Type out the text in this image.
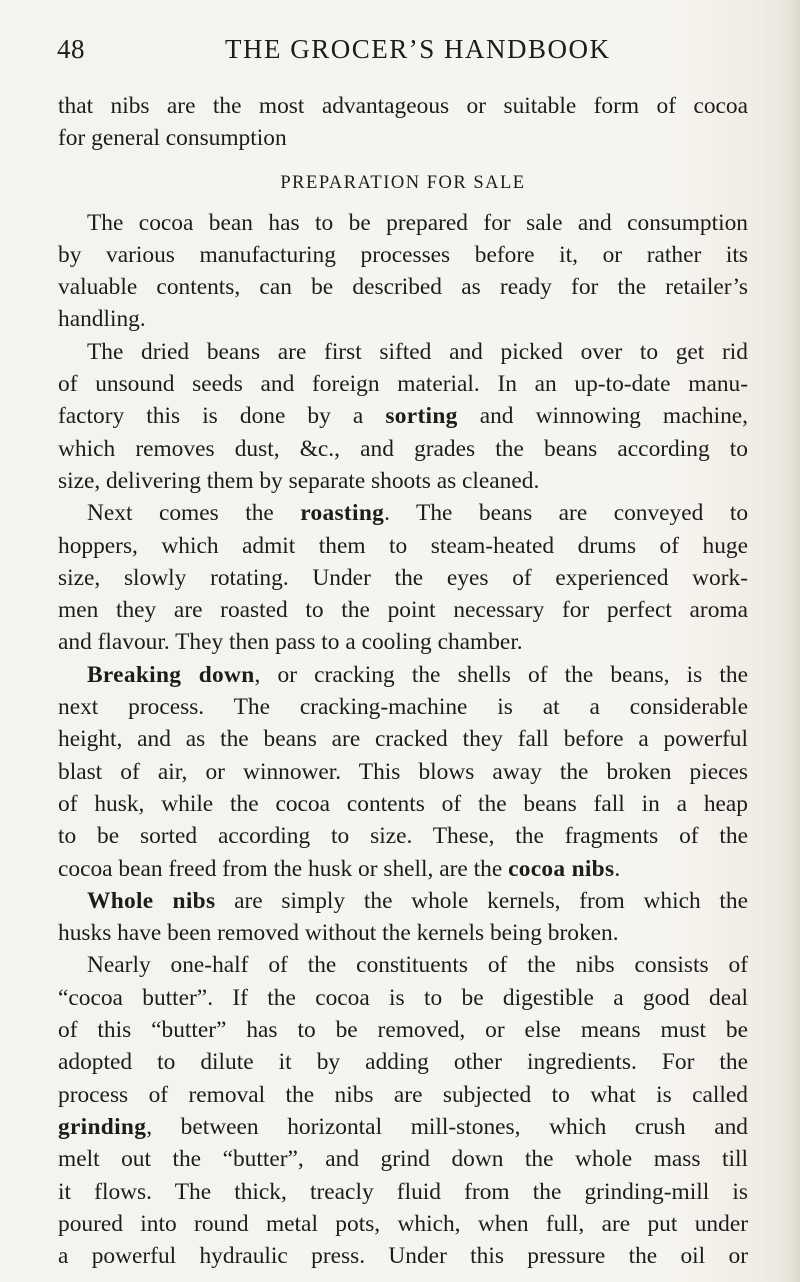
48	THE GROCER’S HANDBOOK
that nibs are the most advantageous or suitable form of cocoa
for general consumption
PREPARATION FOR SALE
The cocoa bean has to be prepared for sale and consumption
by various manufacturing processes before it, or rather its
valuable contents, can be described as ready for the retailer’s
handling.
The dried beans are first sifted and picked over to get rid
of unsound seeds and foreign material. In an up-to-date manu-
factory this is done by a sorting and winnowing machine,
which removes dust, &c., and grades the beans according to
size, delivering them by separate shoots as cleaned.
Next comes the roasting. The beans are conveyed to
hoppers, which admit them to steam-heated drums of huge
size, slowly rotating. Under the eyes of experienced work-
men they are roasted to the point necessary for perfect aroma
and flavour. They then pass to a cooling chamber.
Breaking down, or cracking the shells of the beans, is the
next process. The cracking-machine is at a considerable
height, and as the beans are cracked they fall before a powerful
blast of air, or winnower. This blows away the broken pieces
of husk, while the cocoa contents of the beans fall in a heap
to be sorted according to size. These, the fragments of the
cocoa bean freed from the husk or shell, are the cocoa nibs.
Whole nibs are simply the whole kernels, from which the
husks have been removed without the kernels being broken.
Nearly one-half of the constituents of the nibs consists of
“cocoa butter”. If the cocoa is to be digestible a good deal
of this “butter” has to be removed, or else means must be
adopted to dilute it by adding other ingredients. For the
process of removal the nibs are subjected to what is called
grinding, between horizontal mill-stones, which crush and
melt out the “butter”, and grind down the whole mass till
it flows. The thick, treacly fluid from the grinding-mill is
poured into round metal pots, which, when full, are put under
a powerful hydraulic press. Under this pressure the oil or
